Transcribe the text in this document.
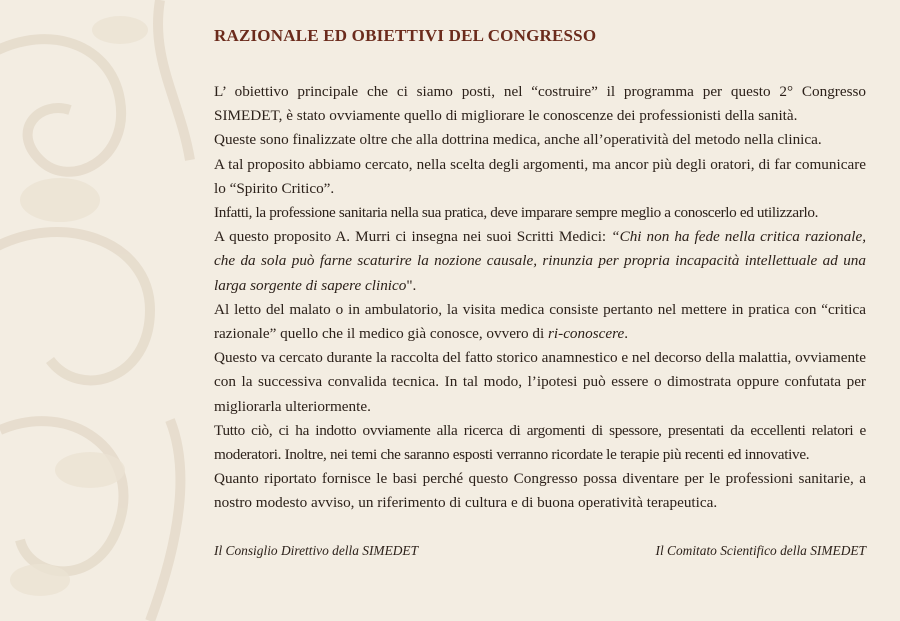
RAZIONALE ED OBIETTIVI DEL CONGRESSO

L’ obiettivo principale che ci siamo posti, nel “costruire” il programma per questo 2° Congresso SIMEDET, è stato ovviamente quello di migliorare le conoscenze dei professionisti della sanità.

Queste sono finalizzate oltre che alla dottrina medica, anche all’operatività del metodo nella clinica.

A tal proposito abbiamo cercato, nella scelta degli argomenti, ma ancor più degli oratori, di far comunicare lo “Spirito Critico”.

Infatti, la professione sanitaria nella sua pratica, deve imparare sempre meglio a conoscerlo ed utilizzarlo.

A questo proposito A. Murri ci insegna nei suoi Scritti Medici: “Chi non ha fede nella critica razionale, che da sola può farne scaturire la nozione causale, rinunzia per propria incapacità intellettuale ad una larga sorgente di sapere clinico".

Al letto del malato o in ambulatorio, la visita medica consiste pertanto nel mettere in pratica con “critica razionale” quello che il medico già conosce, ovvero di ri-conoscere.

Questo va cercato durante la raccolta del fatto storico anamnestico e nel decorso della malattia, ovviamente con la successiva convalida tecnica. In tal modo, l’ipotesi può essere o dimostrata oppure confutata per migliorarla ulteriormente.

Tutto ciò, ci ha indotto ovviamente alla ricerca di argomenti di spessore, presentati da eccellenti relatori e moderatori. Inoltre, nei temi che saranno esposti verranno ricordate le terapie più recenti ed innovative.

Quanto riportato fornisce le basi perché questo Congresso possa diventare per le professioni sanitarie, a nostro modesto avviso, un riferimento di cultura e di buona operatività terapeutica.

Il Consiglio Direttivo della SIMEDET	Il Comitato Scientifico della SIMEDET
